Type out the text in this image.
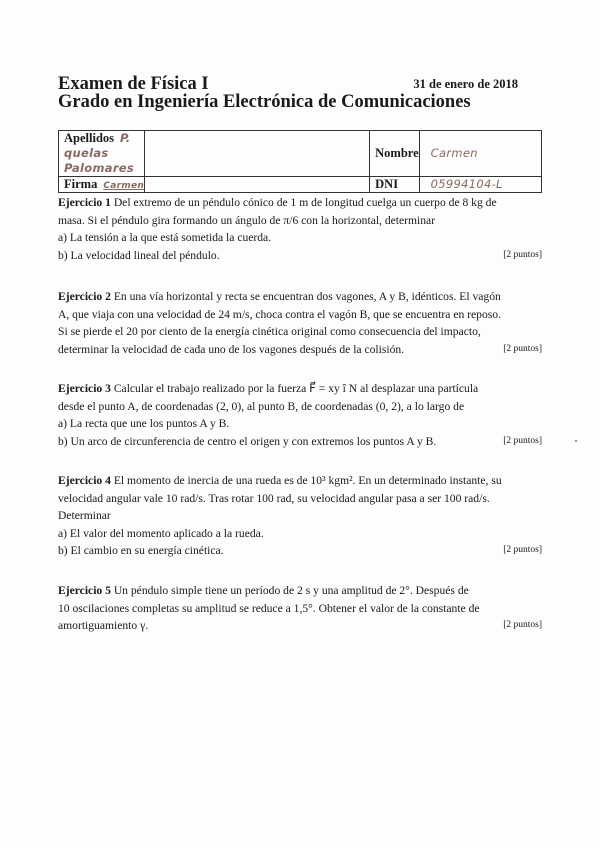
Examen de Física I	31 de enero de 2018
Grado en Ingeniería Electrónica de Comunicaciones
Apellidos P. quelas Palomares		Nombre	Carmen
Firma Carmen		DNI	05994104-L
Ejercicio 1 Del extremo de un péndulo cónico de 1 m de longitud cuelga un cuerpo de 8 kg de
masa. Si el péndulo gira formando un ángulo de π/6 con la horizontal, determinar
a) La tensión a la que está sometida la cuerda.
b) La velocidad lineal del péndulo.	[2 puntos]
Ejercicio 2 En una vía horizontal y recta se encuentran dos vagones, A y B, idénticos. El vagón
A, que viaja con una velocidad de 24 m/s, choca contra el vagón B, que se encuentra en reposo.
Si se pierde el 20 por ciento de la energía cinética original como consecuencia del impacto,
determinar la velocidad de cada uno de los vagones después de la colisión.	[2 puntos]
Ejercicio 3 Calcular el trabajo realizado por la fuerza F⃗ = xy î N al desplazar una partícula
desde el punto A, de coordenadas (2, 0), al punto B, de coordenadas (0, 2), a lo largo de
a) La recta que une los puntos A y B.
b) Un arco de circunferencia de centro el origen y con extremos los puntos A y B.	[2 puntos]
Ejercicio 4 El momento de inercia de una rueda es de 10³ kgm². En un determinado instante, su
velocidad angular vale 10 rad/s. Tras rotar 100 rad, su velocidad angular pasa a ser 100 rad/s.
Determinar
a) El valor del momento aplicado a la rueda.
b) El cambio en su energía cinética.	[2 puntos]
Ejercicio 5 Un péndulo simple tiene un período de 2 s y una amplitud de 2°. Después de
10 oscilaciones completas su amplitud se reduce a 1,5°. Obtener el valor de la constante de
amortiguamiento γ.	[2 puntos]
